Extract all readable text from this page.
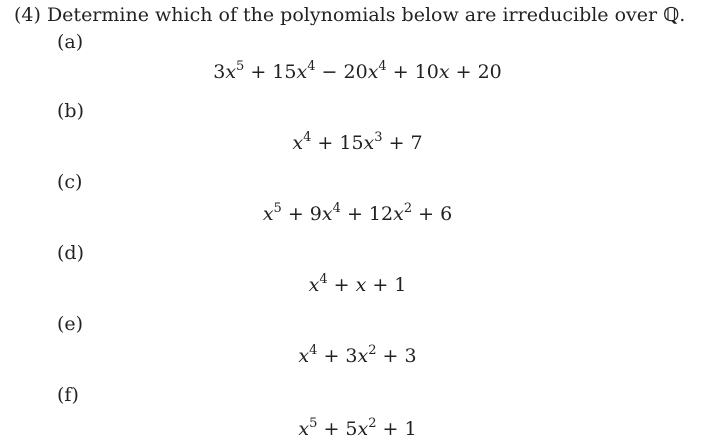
(4) Determine which of the polynomials below are irreducible over ℚ.
(a)
$3x^5 + 15x^4 - 20x^4 + 10x + 20$
(b)
$x^4 + 15x^3 + 7$
(c)
$x^5 + 9x^4 + 12x^2 + 6$
(d)
$x^4 + x + 1$
(e)
$x^4 + 3x^2 + 3$
(f)
$x^5 + 5x^2 + 1$
